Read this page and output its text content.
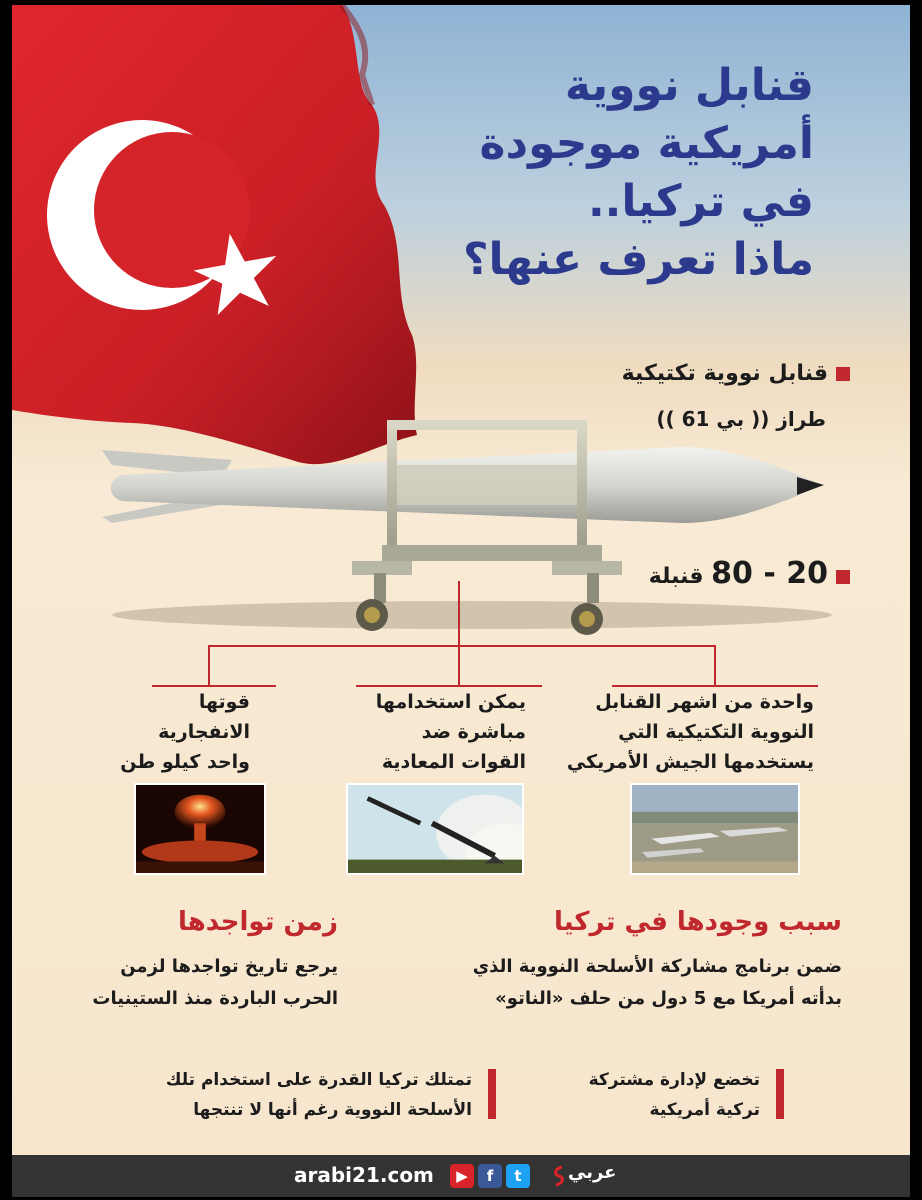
قنابل نووية
أمريكية موجودة
في تركيا..
ماذا تعرف عنها؟
قنابل نووية تكتيكية
طراز (( بي 61 ))
20 - 80 قنبلة
واحدة من اشهر القنابل
النووية التكتيكية التي
يستخدمها الجيش الأمريكي
يمكن استخدامها
مباشرة ضد
القوات المعادية
قوتها
الانفجارية
واحد كيلو طن
سبب وجودها في تركيا
ضمن برنامج مشاركة الأسلحة النووية الذي
بدأته أمريكا مع 5 دول من حلف «الناتو»
زمن تواجدها
يرجع تاريخ تواجدها لزمن
الحرب الباردة منذ الستينيات
تخضع لإدارة مشتركة
تركية أمريكية
تمتلك تركيا القدرة على استخدام تلك
الأسلحة النووية رغم أنها لا تنتجها
arabi21.com	▶	f	t	عربي
